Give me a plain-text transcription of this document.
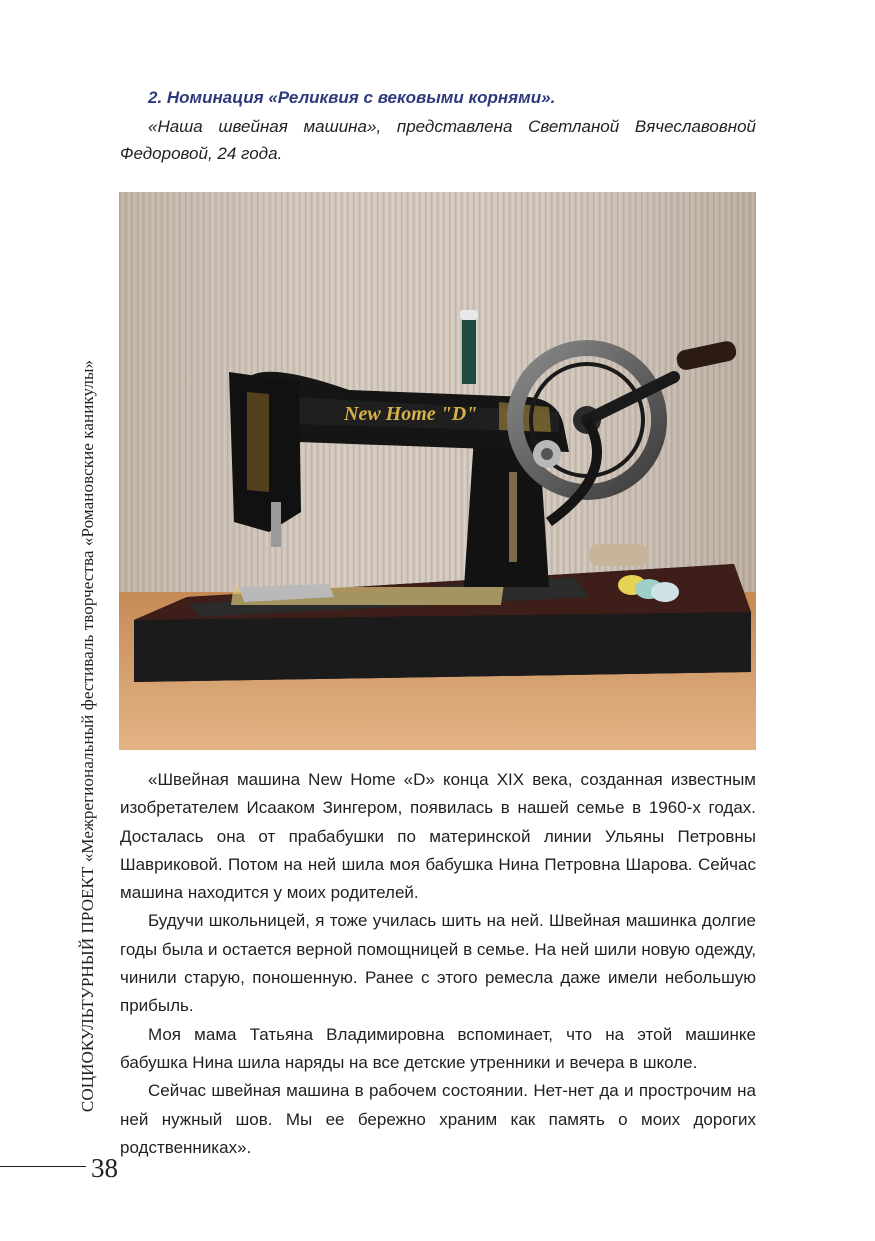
СОЦИОКУЛЬТУРНЫЙ ПРОЕКТ «Межрегиональный фестиваль творчества «Романовские каникулы»
38

2. Номинация «Реликвия с вековыми корнями».

«Наша швейная машина», представлена Светланой Вячеславовной Федоровой, 24 года.

New Home "D"

«Швейная машина New Home «D» конца XIX века, созданная известным изобретателем Исааком Зингером, появилась в нашей семье в 1960-х годах. Досталась она от прабабушки по материнской линии Ульяны Петровны Шавриковой. Потом на ней шила моя бабушка Нина Петровна Шарова. Сейчас машина находится у моих родителей.

Будучи школьницей, я тоже училась шить на ней. Швейная машинка долгие годы была и остается верной помощницей в семье. На ней шили новую одежду, чинили старую, поношенную. Ранее с этого ремесла даже имели небольшую прибыль.

Моя мама Татьяна Владимировна вспоминает, что на этой машинке бабушка Нина шила наряды на все детские утренники и вечера в школе.

Сейчас швейная машина в рабочем состоянии. Нет-нет да и прострочим на ней нужный шов. Мы ее бережно храним как память о моих дорогих родственниках».
